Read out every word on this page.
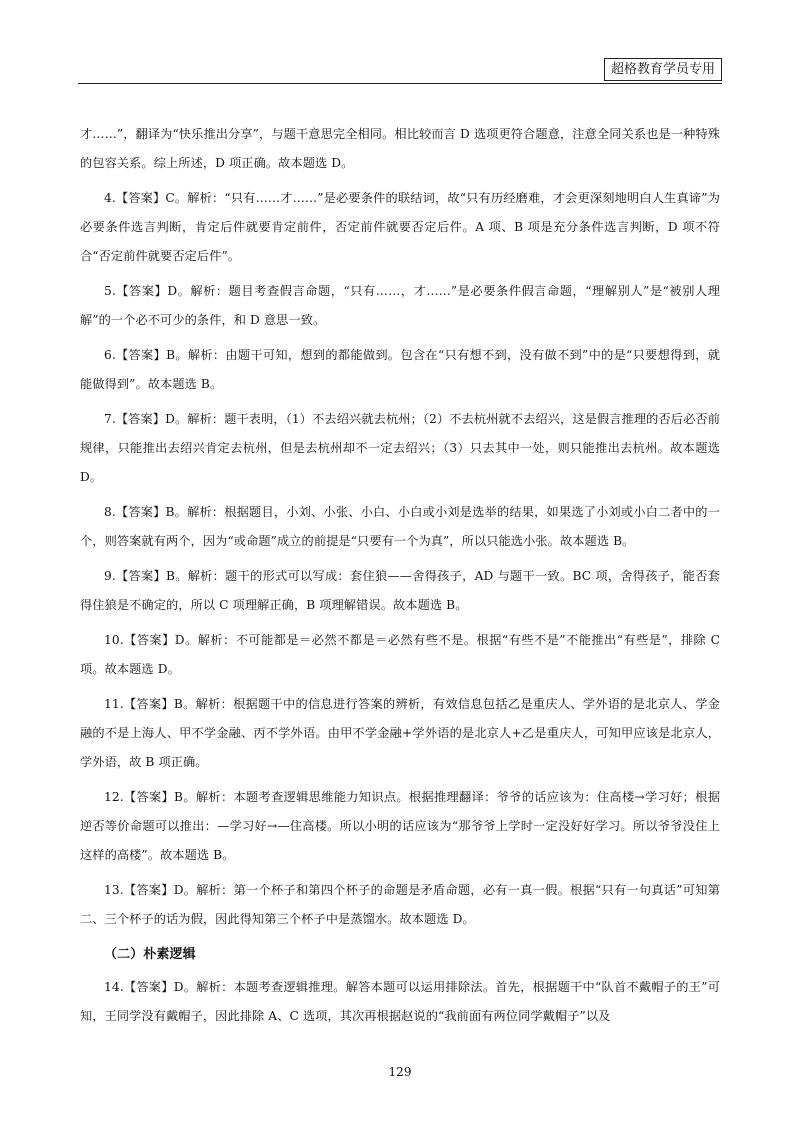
超格教育学员专用

才……”，翻译为“快乐推出分享”，与题干意思完全相同。相比较而言 D 选项更符合题意，注意全同关系也是一种特殊的包容关系。综上所述，D 项正确。故本题选 D。

4.【答案】C。解析：“只有……才……”是必要条件的联结词，故“只有历经磨难，才会更深刻地明白人生真谛”为必要条件选言判断，肯定后件就要肯定前件，否定前件就要否定后件。A 项、B 项是充分条件选言判断，D 项不符合“否定前件就要否定后件”。

5.【答案】D。解析：题目考查假言命题，“只有……，才……”是必要条件假言命题，“理解别人”是“被别人理解”的一个必不可少的条件，和 D 意思一致。

6.【答案】B。解析：由题干可知，想到的都能做到。包含在“只有想不到，没有做不到”中的是“只要想得到，就能做得到”。故本题选 B。

7.【答案】D。解析：题干表明，（1）不去绍兴就去杭州；（2）不去杭州就不去绍兴，这是假言推理的否后必否前规律，只能推出去绍兴肯定去杭州，但是去杭州却不一定去绍兴；（3）只去其中一处，则只能推出去杭州。故本题选 D。

8.【答案】B。解析：根据题目，小刘、小张、小白、小白或小刘是选举的结果，如果选了小刘或小白二者中的一个，则答案就有两个，因为“或命题”成立的前提是“只要有一个为真”，所以只能选小张。故本题选 B。

9.【答案】B。解析：题干的形式可以写成：套住狼——舍得孩子，AD 与题干一致。BC 项，舍得孩子，能否套得住狼是不确定的，所以 C 项理解正确，B 项理解错误。故本题选 B。

10.【答案】D。解析：不可能都是＝必然不都是＝必然有些不是。根据“有些不是”不能推出“有些是”，排除 C 项。故本题选 D。

11.【答案】B。解析：根据题干中的信息进行答案的辨析，有效信息包括乙是重庆人、学外语的是北京人、学金融的不是上海人、甲不学金融、丙不学外语。由甲不学金融+学外语的是北京人+乙是重庆人，可知甲应该是北京人，学外语，故 B 项正确。

12.【答案】B。解析：本题考查逻辑思维能力知识点。根据推理翻译：爷爷的话应该为：住高楼→学习好；根据逆否等价命题可以推出：—学习好→—住高楼。所以小明的话应该为“那爷爷上学时一定没好好学习。所以爷爷没住上这样的高楼”。故本题选 B。

13.【答案】D。解析：第一个杯子和第四个杯子的命题是矛盾命题，必有一真一假。根据“只有一句真话”可知第二、三个杯子的话为假，因此得知第三个杯子中是蒸馏水。故本题选 D。

（二）朴素逻辑

14.【答案】D。解析：本题考查逻辑推理。解答本题可以运用排除法。首先，根据题干中“队首不戴帽子的王”可知，王同学没有戴帽子，因此排除 A、C 选项，其次再根据赵说的“我前面有两位同学戴帽子”以及

129
